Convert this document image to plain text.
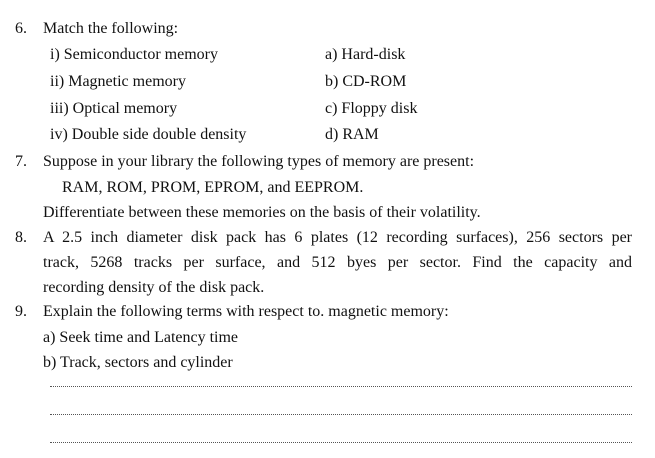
6. Match the following:
i) Semiconductor memory
ii) Magnetic memory
iii) Optical memory
iv) Double side double density
a) Hard-disk
b) CD-ROM
c) Floppy disk
d) RAM
7. Suppose in your library the following types of memory are present:
RAM, ROM, PROM, EPROM, and EEPROM.
Differentiate between these memories on the basis of their volatility.
8. A 2.5 inch diameter disk pack has 6 plates (12 recording surfaces), 256 sectors per
track, 5268 tracks per surface, and 512 byes per sector. Find the capacity and
recording density of the disk pack.
9. Explain the following terms with respect to. magnetic memory:
a) Seek time and Latency time
b) Track, sectors and cylinder
